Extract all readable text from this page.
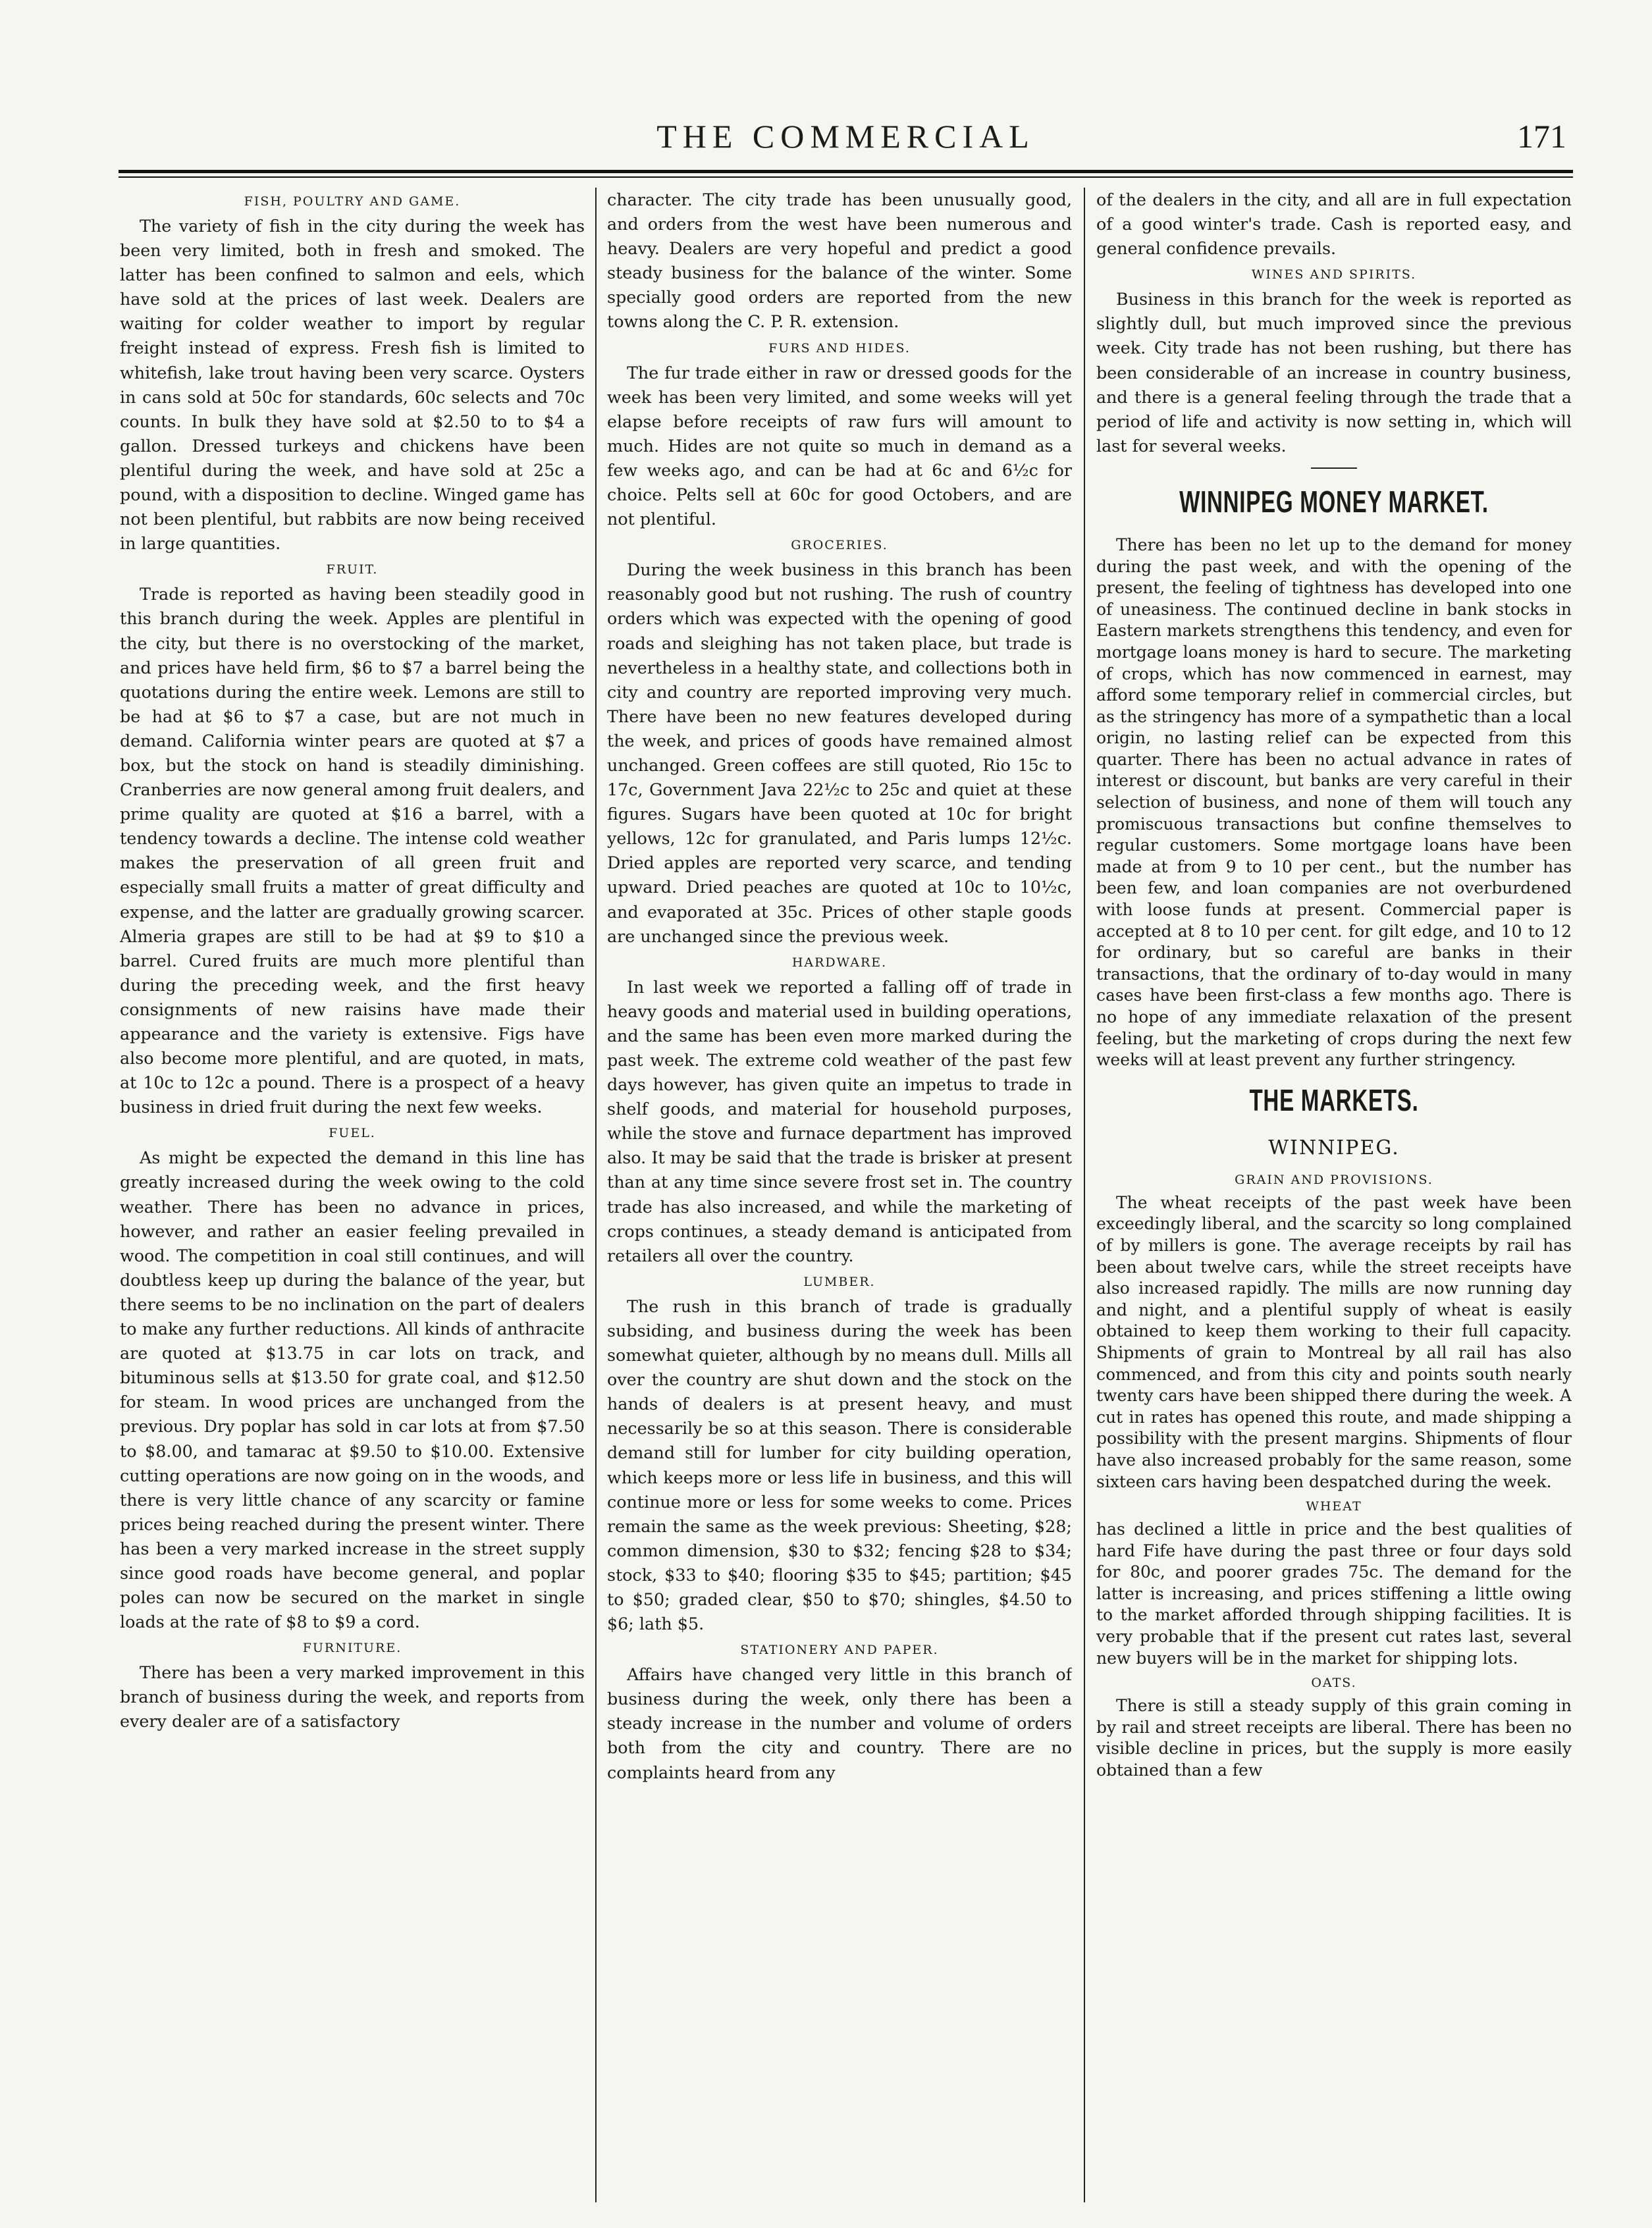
THE COMMERCIAL	171
FISH, POULTRY AND GAME.

The variety of fish in the city during the week has been very limited, both in fresh and smoked. The latter has been confined to salmon and eels, which have sold at the prices of last week. Dealers are waiting for colder weather to import by regular freight instead of express. Fresh fish is limited to whitefish, lake trout having been very scarce. Oysters in cans sold at 50c for standards, 60c selects and 70c counts. In bulk they have sold at $2.50 to to $4 a gallon. Dressed turkeys and chickens have been plentiful during the week, and have sold at 25c a pound, with a disposition to decline. Winged game has not been plentiful, but rabbits are now being received in large quantities.

FRUIT.

Trade is reported as having been steadily good in this branch during the week. Apples are plentiful in the city, but there is no overstocking of the market, and prices have held firm, $6 to $7 a barrel being the quotations during the entire week. Lemons are still to be had at $6 to $7 a case, but are not much in demand. California winter pears are quoted at $7 a box, but the stock on hand is steadily diminishing. Cranberries are now general among fruit dealers, and prime quality are quoted at $16 a barrel, with a tendency towards a decline. The intense cold weather makes the preservation of all green fruit and especially small fruits a matter of great difficulty and expense, and the latter are gradually growing scarcer. Almeria grapes are still to be had at $9 to $10 a barrel. Cured fruits are much more plentiful than during the preceding week, and the first heavy consignments of new raisins have made their appearance and the variety is extensive. Figs have also become more plentiful, and are quoted, in mats, at 10c to 12c a pound. There is a prospect of a heavy business in dried fruit during the next few weeks.

FUEL.

As might be expected the demand in this line has greatly increased during the week owing to the cold weather. There has been no advance in prices, however, and rather an easier feeling prevailed in wood. The competition in coal still continues, and will doubtless keep up during the balance of the year, but there seems to be no inclination on the part of dealers to make any further reductions. All kinds of anthracite are quoted at $13.75 in car lots on track, and bituminous sells at $13.50 for grate coal, and $12.50 for steam. In wood prices are unchanged from the previous. Dry poplar has sold in car lots at from $7.50 to $8.00, and tamarac at $9.50 to $10.00. Extensive cutting operations are now going on in the woods, and there is very little chance of any scarcity or famine prices being reached during the present winter. There has been a very marked increase in the street supply since good roads have become general, and poplar poles can now be secured on the market in single loads at the rate of $8 to $9 a cord.

FURNITURE.

There has been a very marked improvement in this branch of business during the week, and reports from every dealer are of a satisfactory

character. The city trade has been unusually good, and orders from the west have been numerous and heavy. Dealers are very hopeful and predict a good steady business for the balance of the winter. Some specially good orders are reported from the new towns along the C. P. R. extension.

FURS AND HIDES.

The fur trade either in raw or dressed goods for the week has been very limited, and some weeks will yet elapse before receipts of raw furs will amount to much. Hides are not quite so much in demand as a few weeks ago, and can be had at 6c and 6½c for choice. Pelts sell at 60c for good Octobers, and are not plentiful.

GROCERIES.

During the week business in this branch has been reasonably good but not rushing. The rush of country orders which was expected with the opening of good roads and sleighing has not taken place, but trade is nevertheless in a healthy state, and collections both in city and country are reported improving very much. There have been no new features developed during the week, and prices of goods have remained almost unchanged. Green coffees are still quoted, Rio 15c to 17c, Government Java 22½c to 25c and quiet at these figures. Sugars have been quoted at 10c for bright yellows, 12c for granulated, and Paris lumps 12½c. Dried apples are reported very scarce, and tending upward. Dried peaches are quoted at 10c to 10½c, and evaporated at 35c. Prices of other staple goods are unchanged since the previous week.

HARDWARE.

In last week we reported a falling off of trade in heavy goods and material used in building operations, and the same has been even more marked during the past week. The extreme cold weather of the past few days however, has given quite an impetus to trade in shelf goods, and material for household purposes, while the stove and furnace department has improved also. It may be said that the trade is brisker at present than at any time since severe frost set in. The country trade has also increased, and while the marketing of crops continues, a steady demand is anticipated from retailers all over the country.

LUMBER.

The rush in this branch of trade is gradually subsiding, and business during the week has been somewhat quieter, although by no means dull. Mills all over the country are shut down and the stock on the hands of dealers is at present heavy, and must necessarily be so at this season. There is considerable demand still for lumber for city building operation, which keeps more or less life in business, and this will continue more or less for some weeks to come. Prices remain the same as the week previous: Sheeting, $28; common dimension, $30 to $32; fencing $28 to $34; stock, $33 to $40; flooring $35 to $45; partition; $45 to $50; graded clear, $50 to $70; shingles, $4.50 to $6; lath $5.

STATIONERY AND PAPER.

Affairs have changed very little in this branch of business during the week, only there has been a steady increase in the number and volume of orders both from the city and country. There are no complaints heard from any

of the dealers in the city, and all are in full expectation of a good winter's trade. Cash is reported easy, and general confidence prevails.

WINES AND SPIRITS.

Business in this branch for the week is reported as slightly dull, but much improved since the previous week. City trade has not been rushing, but there has been considerable of an increase in country business, and there is a general feeling through the trade that a period of life and activity is now setting in, which will last for several weeks.

WINNIPEG MONEY MARKET.

There has been no let up to the demand for money during the past week, and with the opening of the present, the feeling of tightness has developed into one of uneasiness. The continued decline in bank stocks in Eastern markets strengthens this tendency, and even for mortgage loans money is hard to secure. The marketing of crops, which has now commenced in earnest, may afford some temporary relief in commercial circles, but as the stringency has more of a sympathetic than a local origin, no lasting relief can be expected from this quarter. There has been no actual advance in rates of interest or discount, but banks are very careful in their selection of business, and none of them will touch any promiscuous transactions but confine themselves to regular customers. Some mortgage loans have been made at from 9 to 10 per cent., but the number has been few, and loan companies are not overburdened with loose funds at present. Commercial paper is accepted at 8 to 10 per cent. for gilt edge, and 10 to 12 for ordinary, but so careful are banks in their transactions, that the ordinary of to-day would in many cases have been first-class a few months ago. There is no hope of any immediate relaxation of the present feeling, but the marketing of crops during the next few weeks will at least prevent any further stringency.

THE MARKETS.
WINNIPEG.
GRAIN AND PROVISIONS.

The wheat receipts of the past week have been exceedingly liberal, and the scarcity so long complained of by millers is gone. The average receipts by rail has been about twelve cars, while the street receipts have also increased rapidly. The mills are now running day and night, and a plentiful supply of wheat is easily obtained to keep them working to their full capacity. Shipments of grain to Montreal by all rail has also commenced, and from this city and points south nearly twenty cars have been shipped there during the week. A cut in rates has opened this route, and made shipping a possibility with the present margins. Shipments of flour have also increased probably for the same reason, some sixteen cars having been despatched during the week.

WHEAT

has declined a little in price and the best qualities of hard Fife have during the past three or four days sold for 80c, and poorer grades 75c. The demand for the latter is increasing, and prices stiffening a little owing to the market afforded through shipping facilities. It is very probable that if the present cut rates last, several new buyers will be in the market for shipping lots.

OATS.

There is still a steady supply of this grain coming in by rail and street receipts are liberal. There has been no visible decline in prices, but the supply is more easily obtained than a few
